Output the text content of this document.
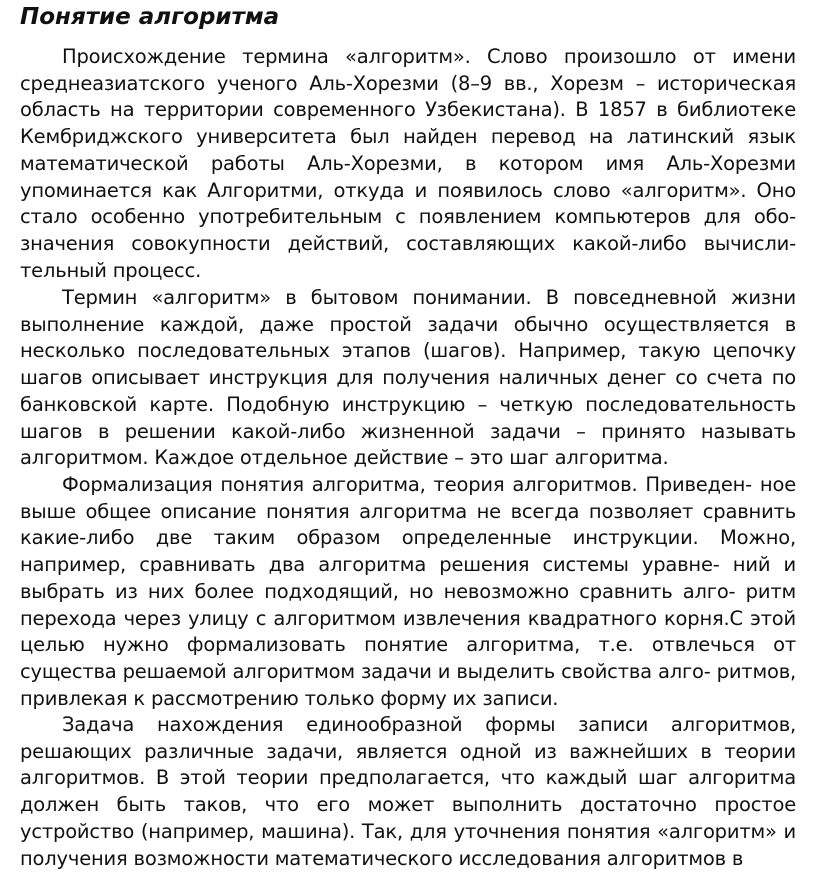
Понятие алгоритма

Происхождение термина «алгоритм». Слово произошло от имени среднеазиатского ученого Аль-Хорезми (8–9 вв., Хорезм – историческая область на территории современного Узбекистана). В 1857 в библиотеке Кембриджского университета был найден перевод на латинский язык математической работы Аль-Хорезми, в котором имя Аль-Хорезми упоминается как Алгоритми, откуда и появилось слово «алгоритм». Оно стало особенно употребительным с появлением компьютеров для обо- значения совокупности действий, составляющих какой-либо вычисли- тельный процесс.

Термин «алгоритм» в бытовом понимании. В повседневной жизни выполнение каждой, даже простой задачи обычно осуществляется в несколько последовательных этапов (шагов). Например, такую цепочку шагов описывает инструкция для получения наличных денег со счета по банковской карте. Подобную инструкцию – четкую последовательность шагов в решении какой-либо жизненной задачи – принято называть алгоритмом. Каждое отдельное действие – это шаг алгоритма.

Формализация понятия алгоритма, теория алгоритмов. Приведен- ное выше общее описание понятия алгоритма не всегда позволяет сравнить какие-либо две таким образом определенные инструкции. Можно, например, сравнивать два алгоритма решения системы уравне- ний и выбрать из них более подходящий, но невозможно сравнить алго- ритм перехода через улицу с алгоритмом извлечения квадратного корня.С этой целью нужно формализовать понятие алгоритма, т.е. отвлечься от существа решаемой алгоритмом задачи и выделить свойства алго- ритмов, привлекая к рассмотрению только форму их записи.

Задача нахождения единообразной формы записи алгоритмов, решающих различные задачи, является одной из важнейших в теории алгоритмов. В этой теории предполагается, что каждый шаг алгоритма должен быть таков, что его может выполнить достаточно простое устройство (например, машина). Так, для уточнения понятия «алгоритм» и получения возможности математического исследования алгоритмов в
